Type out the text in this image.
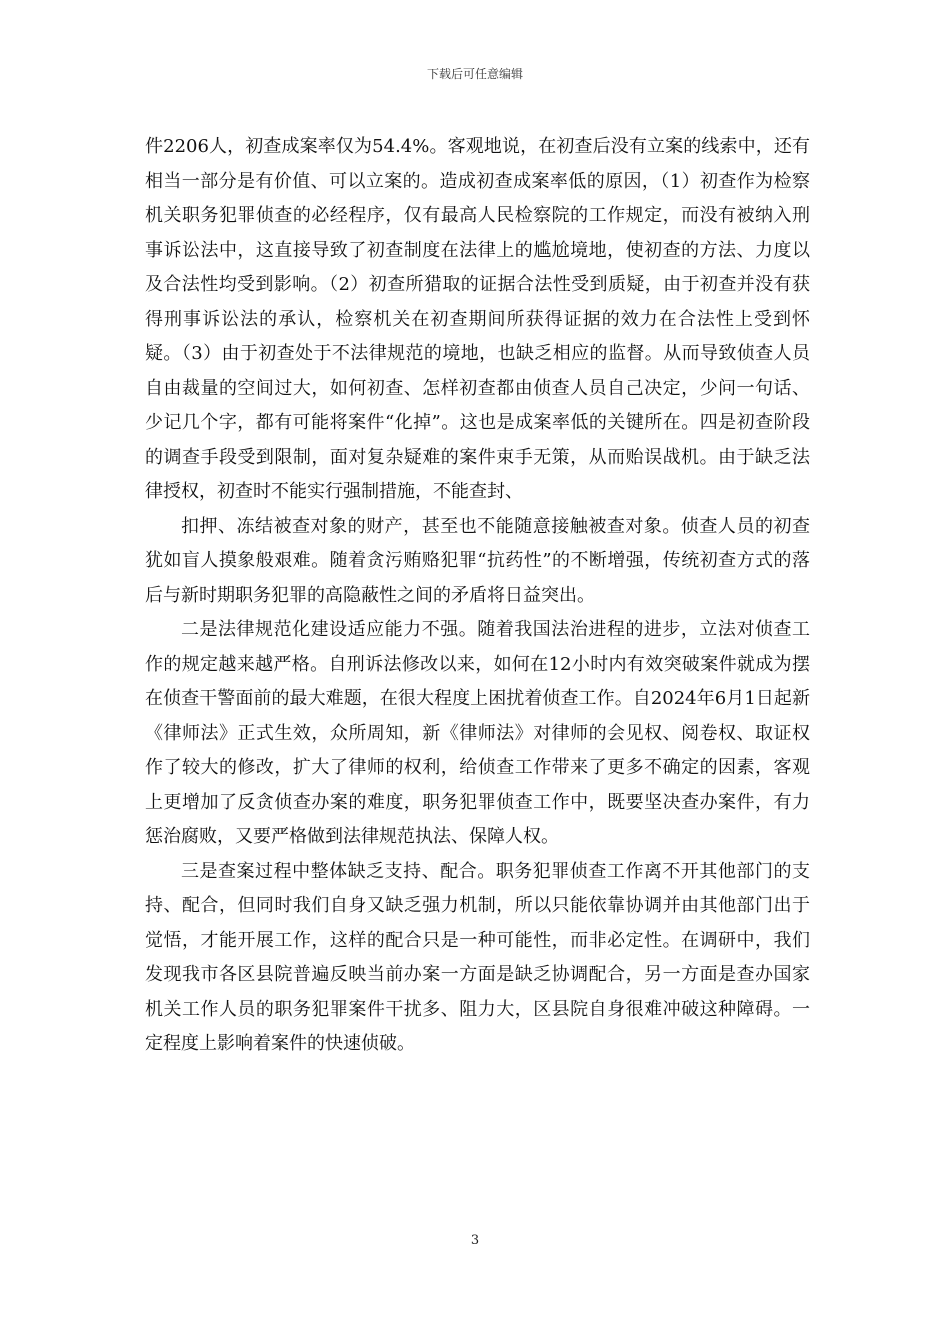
下载后可任意编辑

件2206人，初查成案率仅为54.4%。客观地说，在初查后没有立案的线索中，还有相当一部分是有价值、可以立案的。造成初查成案率低的原因，（1）初查作为检察机关职务犯罪侦查的必经程序，仅有最高人民检察院的工作规定，而没有被纳入刑事诉讼法中，这直接导致了初查制度在法律上的尴尬境地，使初查的方法、力度以及合法性均受到影响。（2）初查所猎取的证据合法性受到质疑，由于初查并没有获得刑事诉讼法的承认，检察机关在初查期间所获得证据的效力在合法性上受到怀疑。（3）由于初查处于不法律规范的境地，也缺乏相应的监督。从而导致侦查人员自由裁量的空间过大，如何初查、怎样初查都由侦查人员自己决定，少问一句话、少记几个字，都有可能将案件“化掉”。这也是成案率低的关键所在。四是初查阶段的调查手段受到限制，面对复杂疑难的案件束手无策，从而贻误战机。由于缺乏法律授权，初查时不能实行强制措施，不能查封、

扣押、冻结被查对象的财产，甚至也不能随意接触被查对象。侦查人员的初查犹如盲人摸象般艰难。随着贪污贿赂犯罪“抗药性”的不断增强，传统初查方式的落后与新时期职务犯罪的高隐蔽性之间的矛盾将日益突出。

二是法律规范化建设适应能力不强。随着我国法治进程的进步，立法对侦查工作的规定越来越严格。自刑诉法修改以来，如何在12小时内有效突破案件就成为摆在侦查干警面前的最大难题，在很大程度上困扰着侦查工作。自2024年6月1日起新《律师法》正式生效，众所周知，新《律师法》对律师的会见权、阅卷权、取证权作了较大的修改，扩大了律师的权利，给侦查工作带来了更多不确定的因素，客观上更增加了反贪侦查办案的难度，职务犯罪侦查工作中，既要坚决查办案件，有力惩治腐败，又要严格做到法律规范执法、保障人权。

三是查案过程中整体缺乏支持、配合。职务犯罪侦查工作离不开其他部门的支持、配合，但同时我们自身又缺乏强力机制，所以只能依靠协调并由其他部门出于觉悟，才能开展工作，这样的配合只是一种可能性，而非必定性。在调研中，我们发现我市各区县院普遍反映当前办案一方面是缺乏协调配合，另一方面是查办国家机关工作人员的职务犯罪案件干扰多、阻力大，区县院自身很难冲破这种障碍。一定程度上影响着案件的快速侦破。

3
